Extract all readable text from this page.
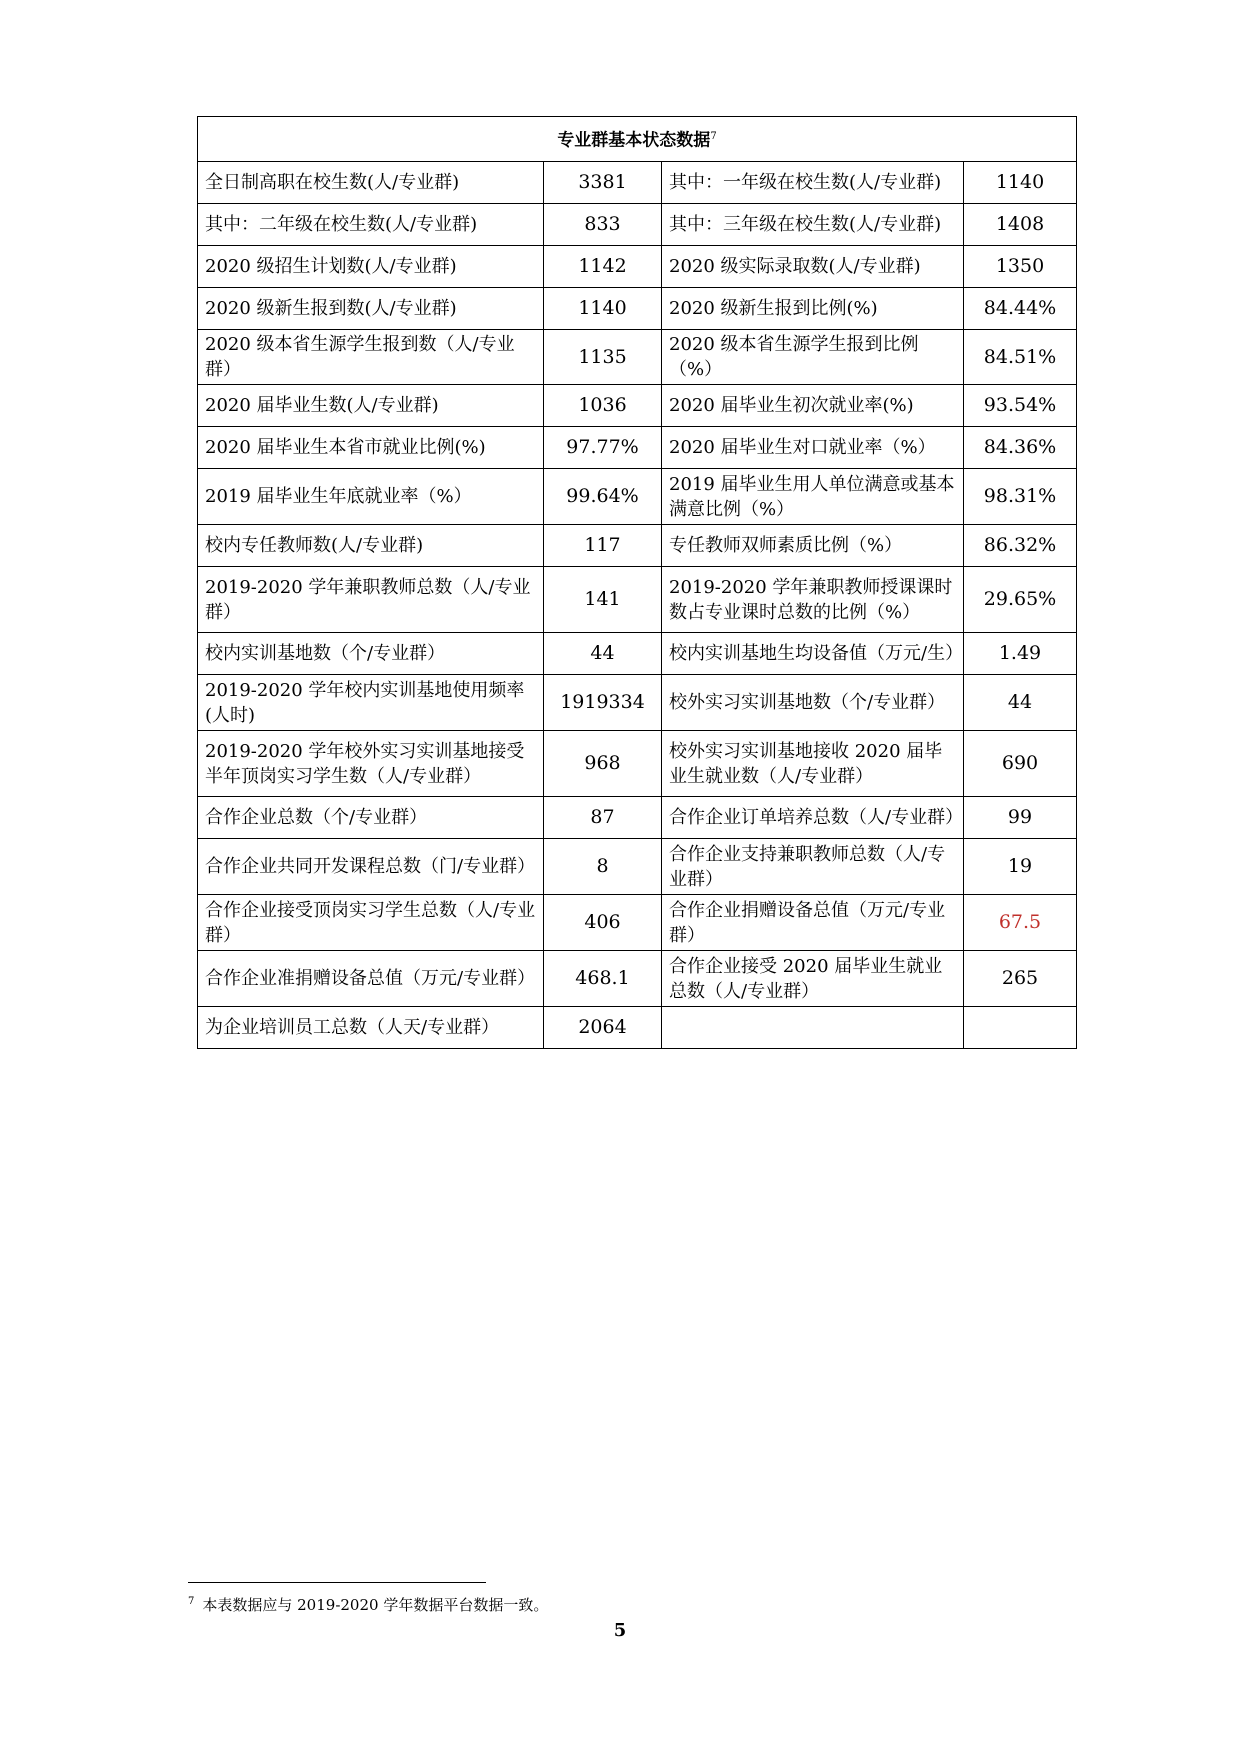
专业群基本状态数据$^7$
全日制高职在校生数(人/专业群)	3381	其中：一年级在校生数(人/专业群)	1140
其中：二年级在校生数(人/专业群)	833	其中：三年级在校生数(人/专业群)	1408
2020 级招生计划数(人/专业群)	1142	2020 级实际录取数(人/专业群)	1350
2020 级新生报到数(人/专业群)	1140	2020 级新生报到比例(%)	84.44%
2020 级本省生源学生报到数（人/专业群）	1135	2020 级本省生源学生报到比例（%）	84.51%
2020 届毕业生数(人/专业群)	1036	2020 届毕业生初次就业率(%)	93.54%
2020 届毕业生本省市就业比例(%)	97.77%	2020 届毕业生对口就业率（%）	84.36%
2019 届毕业生年底就业率（%）	99.64%	2019 届毕业生用人单位满意或基本满意比例（%）	98.31%
校内专任教师数(人/专业群)	117	专任教师双师素质比例（%）	86.32%
2019-2020 学年兼职教师总数（人/专业群）	141	2019-2020 学年兼职教师授课课时数占专业课时总数的比例（%）	29.65%
校内实训基地数（个/专业群）	44	校内实训基地生均设备值（万元/生）	1.49
2019-2020 学年校内实训基地使用频率(人时)	1919334	校外实习实训基地数（个/专业群）	44
2019-2020 学年校外实习实训基地接受半年顶岗实习学生数（人/专业群）	968	校外实习实训基地接收 2020 届毕业生就业数（人/专业群）	690
合作企业总数（个/专业群）	87	合作企业订单培养总数（人/专业群）	99
合作企业共同开发课程总数（门/专业群）	8	合作企业支持兼职教师总数（人/专业群）	19
合作企业接受顶岗实习学生总数（人/专业群）	406	合作企业捐赠设备总值（万元/专业群）	67.5
合作企业准捐赠设备总值（万元/专业群）	468.1	合作企业接受 2020 届毕业生就业总数（人/专业群）	265
为企业培训员工总数（人天/专业群）	2064		
$^7$ 本表数据应与 2019-2020 学年数据平台数据一致。
5
